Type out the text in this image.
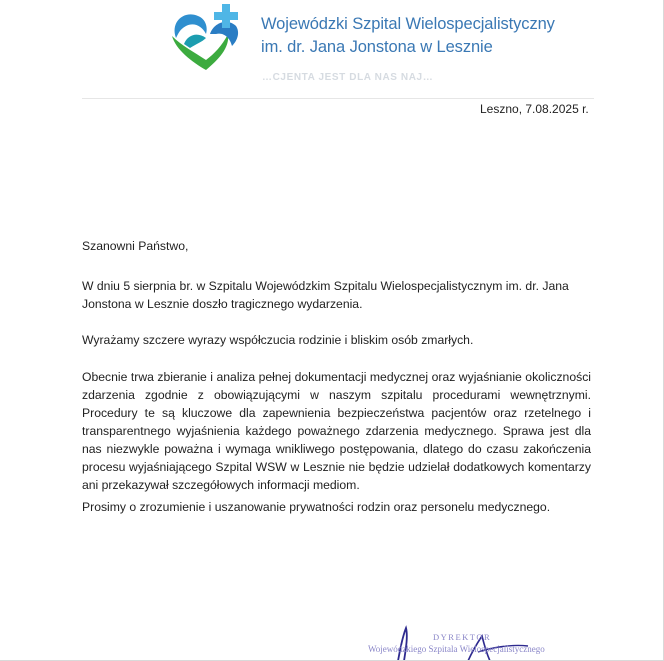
Wojewódzki Szpital Wielospecjalistyczny
im. dr. Jana Jonstona w Lesznie
…CJENTA JEST DLA NAS NAJ…
Leszno, 7.08.2025 r.

Szanowni Państwo,

W dniu 5 sierpnia br. w Szpitalu Wojewódzkim Szpitalu Wielospecjalistycznym im. dr. Jana Jonstona w Lesznie doszło tragicznego wydarzenia.

Wyrażamy szczere wyrazy współczucia rodzinie i bliskim osób zmarłych.

Obecnie trwa zbieranie i analiza pełnej dokumentacji medycznej oraz wyjaśnianie okoliczności zdarzenia zgodnie z obowiązującymi w naszym szpitalu procedurami wewnętrznymi. Procedury te są kluczowe dla zapewnienia bezpieczeństwa pacjentów oraz rzetelnego i transparentnego wyjaśnienia każdego poważnego zdarzenia medycznego. Sprawa jest dla nas niezwykle poważna i wymaga wnikliwego postępowania, dlatego do czasu zakończenia procesu wyjaśniającego Szpital WSW w Lesznie nie będzie udzielał dodatkowych komentarzy ani przekazywał szczegółowych informacji mediom.

Prosimy o zrozumienie i uszanowanie prywatności rodzin oraz personelu medycznego.

DYREKTOR
Wojewódzkiego Szpitala Wielospecjalistycznego
